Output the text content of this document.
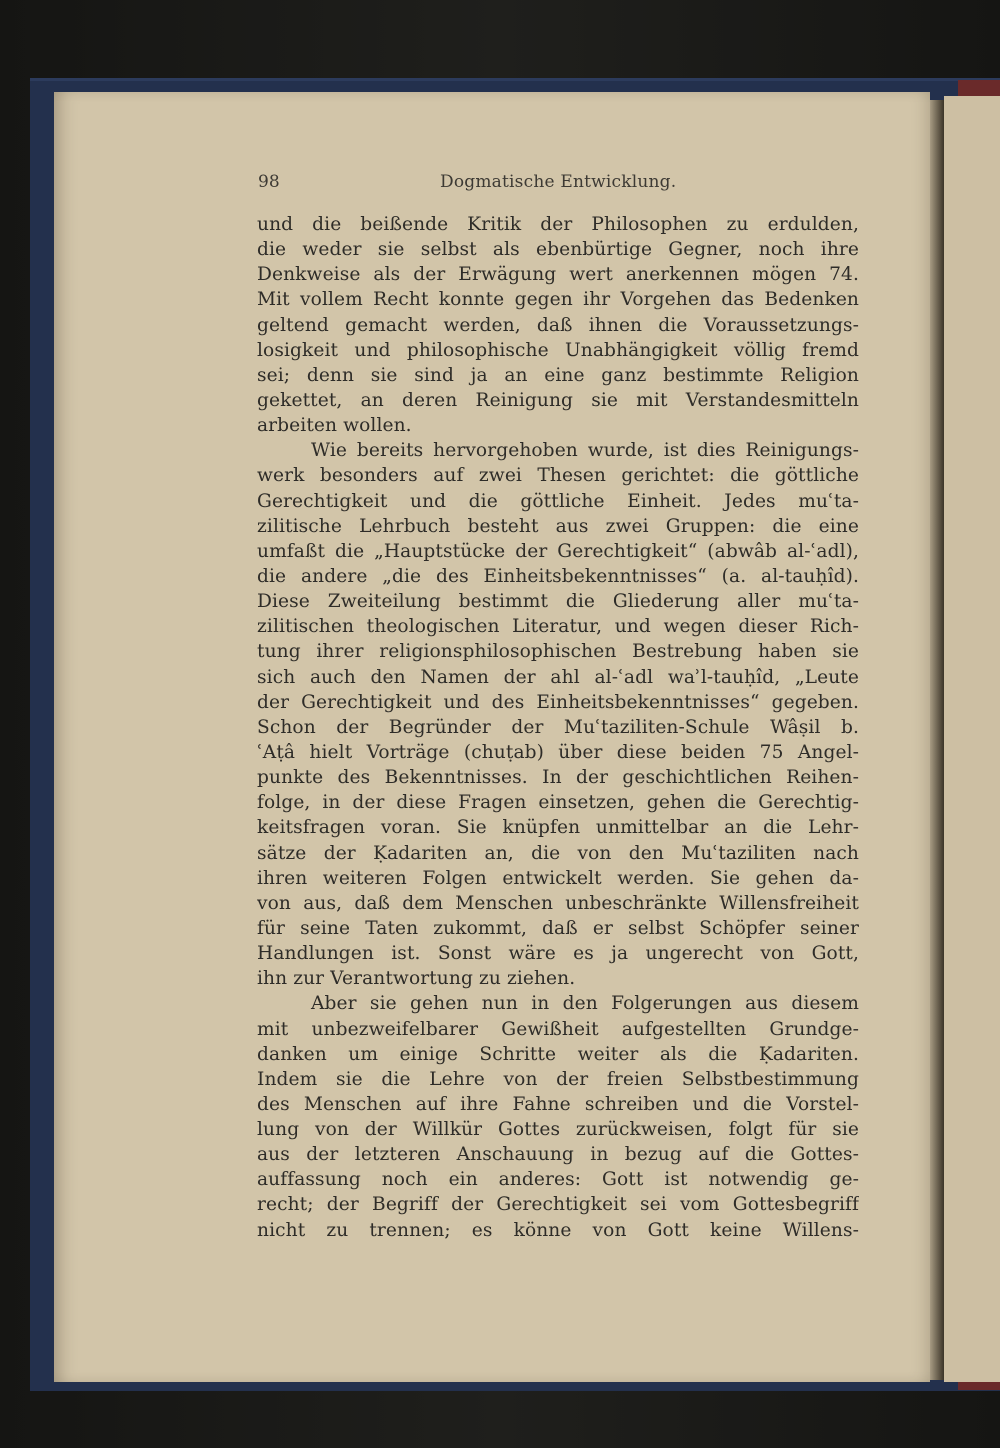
98	Dogmatische Entwicklung.
und die beißende Kritik der Philosophen zu erdulden,
die weder sie selbst als ebenbürtige Gegner, noch ihre
Denkweise als der Erwägung wert anerkennen mögen 74.
Mit vollem Recht konnte gegen ihr Vorgehen das Bedenken
geltend gemacht werden, daß ihnen die Voraussetzungs-
losigkeit und philosophische Unabhängigkeit völlig fremd
sei; denn sie sind ja an eine ganz bestimmte Religion
gekettet, an deren Reinigung sie mit Verstandesmitteln
arbeiten wollen.
Wie bereits hervorgehoben wurde, ist dies Reinigungs-
werk besonders auf zwei Thesen gerichtet: die göttliche
Gerechtigkeit und die göttliche Einheit. Jedes muʿta-
zilitische Lehrbuch besteht aus zwei Gruppen: die eine
umfaßt die „Hauptstücke der Gerechtigkeit“ (abwâb al-ʿadl),
die andere „die des Einheitsbekenntnisses“ (a. al-tauḥîd).
Diese Zweiteilung bestimmt die Gliederung aller muʿta-
zilitischen theologischen Literatur, und wegen dieser Rich-
tung ihrer religionsphilosophischen Bestrebung haben sie
sich auch den Namen der ahl al-ʿadl waʾl-tauḥîd, „Leute
der Gerechtigkeit und des Einheitsbekenntnisses“ gegeben.
Schon der Begründer der Muʿtaziliten-Schule Wâṣil b.
ʿAṭâ hielt Vorträge (chuṭab) über diese beiden 75 Angel-
punkte des Bekenntnisses. In der geschichtlichen Reihen-
folge, in der diese Fragen einsetzen, gehen die Gerechtig-
keitsfragen voran. Sie knüpfen unmittelbar an die Lehr-
sätze der Ḳadariten an, die von den Muʿtaziliten nach
ihren weiteren Folgen entwickelt werden. Sie gehen da-
von aus, daß dem Menschen unbeschränkte Willensfreiheit
für seine Taten zukommt, daß er selbst Schöpfer seiner
Handlungen ist. Sonst wäre es ja ungerecht von Gott,
ihn zur Verantwortung zu ziehen.
Aber sie gehen nun in den Folgerungen aus diesem
mit unbezweifelbarer Gewißheit aufgestellten Grundge-
danken um einige Schritte weiter als die Ḳadariten.
Indem sie die Lehre von der freien Selbstbestimmung
des Menschen auf ihre Fahne schreiben und die Vorstel-
lung von der Willkür Gottes zurückweisen, folgt für sie
aus der letzteren Anschauung in bezug auf die Gottes-
auffassung noch ein anderes: Gott ist notwendig ge-
recht; der Begriff der Gerechtigkeit sei vom Gottesbegriff
nicht zu trennen; es könne von Gott keine Willens-
